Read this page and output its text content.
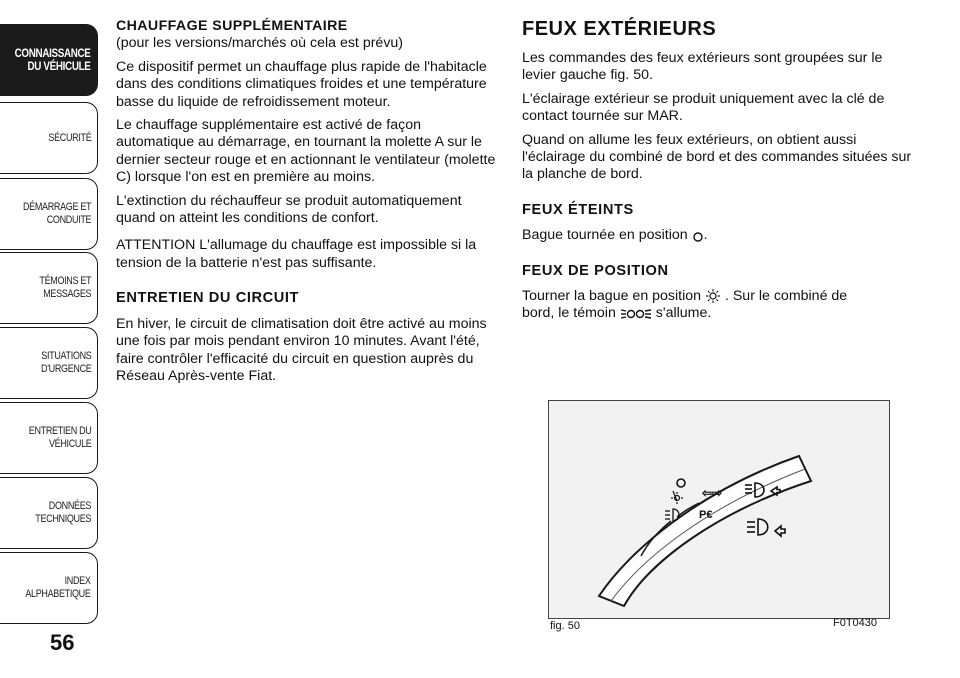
CONNAISSANCE
DU VÉHICULE
SÉCURITÉ
DÉMARRAGE ET
CONDUITE
TÉMOINS ET
MESSAGES
SITUATIONS
D'URGENCE
ENTRETIEN DU
VÉHICULE
DONNÉES
TECHNIQUES
INDEX
ALPHABETIQUE
56
CHAUFFAGE SUPPLÉMENTAIRE

(pour les versions/marchés où cela est prévu)

Ce dispositif permet un chauffage plus rapide de l'habitacle dans des conditions climatiques froides et une température basse du liquide de refroidissement moteur.

Le chauffage supplémentaire est activé de façon automatique au démarrage, en tournant la molette A sur le dernier secteur rouge et en actionnant le ventilateur (molette C) lorsque l'on est en première au moins.

L'extinction du réchauffeur se produit automatiquement quand on atteint les conditions de confort.

ATTENTION L'allumage du chauffage est impossible si la tension de la batterie n'est pas suffisante.

ENTRETIEN DU CIRCUIT

En hiver, le circuit de climatisation doit être activé au moins une fois par mois pendant environ 10 minutes. Avant l'été, faire contrôler l'efficacité du circuit en question auprès du Réseau Après-vente Fiat.

FEUX EXTÉRIEURS

Les commandes des feux extérieurs sont groupées sur le levier gauche fig. 50.

L'éclairage extérieur se produit uniquement avec la clé de contact tournée sur MAR.

Quand on allume les feux extérieurs, on obtient aussi l'éclairage du combiné de bord et des commandes situées sur la planche de bord.

FEUX ÉTEINTS

Bague tournée en position .

FEUX DE POSITION

Tourner la bague en position . Sur le combiné de
bord, le témoin	s'allume.

⇦⇨
P€
fig. 50	F0T0430
